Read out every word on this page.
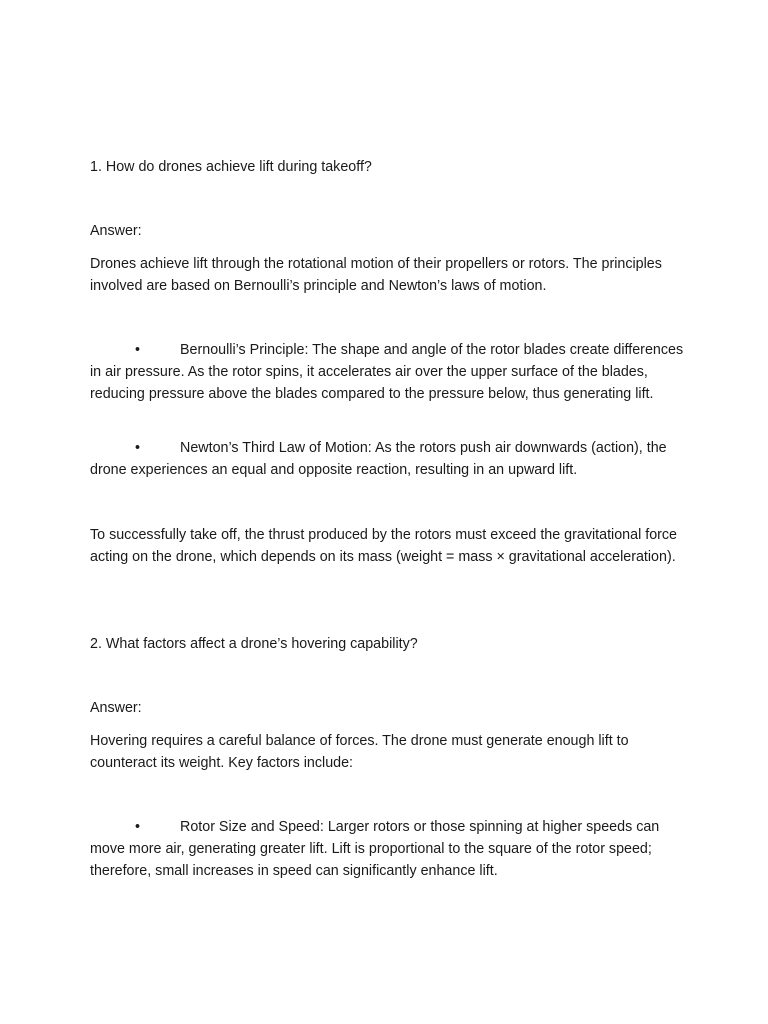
1. How do drones achieve lift during takeoff?

Answer:

Drones achieve lift through the rotational motion of their propellers or rotors. The principles involved are based on Bernoulli’s principle and Newton’s laws of motion.

•	Bernoulli’s Principle: The shape and angle of the rotor blades create differences in air pressure. As the rotor spins, it accelerates air over the upper surface of the blades, reducing pressure above the blades compared to the pressure below, thus generating lift.

•	Newton’s Third Law of Motion: As the rotors push air downwards (action), the drone experiences an equal and opposite reaction, resulting in an upward lift.

To successfully take off, the thrust produced by the rotors must exceed the gravitational force acting on the drone, which depends on its mass (weight = mass × gravitational acceleration).

2. What factors affect a drone’s hovering capability?

Answer:

Hovering requires a careful balance of forces. The drone must generate enough lift to counteract its weight. Key factors include:

•	Rotor Size and Speed: Larger rotors or those spinning at higher speeds can move more air, generating greater lift. Lift is proportional to the square of the rotor speed; therefore, small increases in speed can significantly enhance lift.
